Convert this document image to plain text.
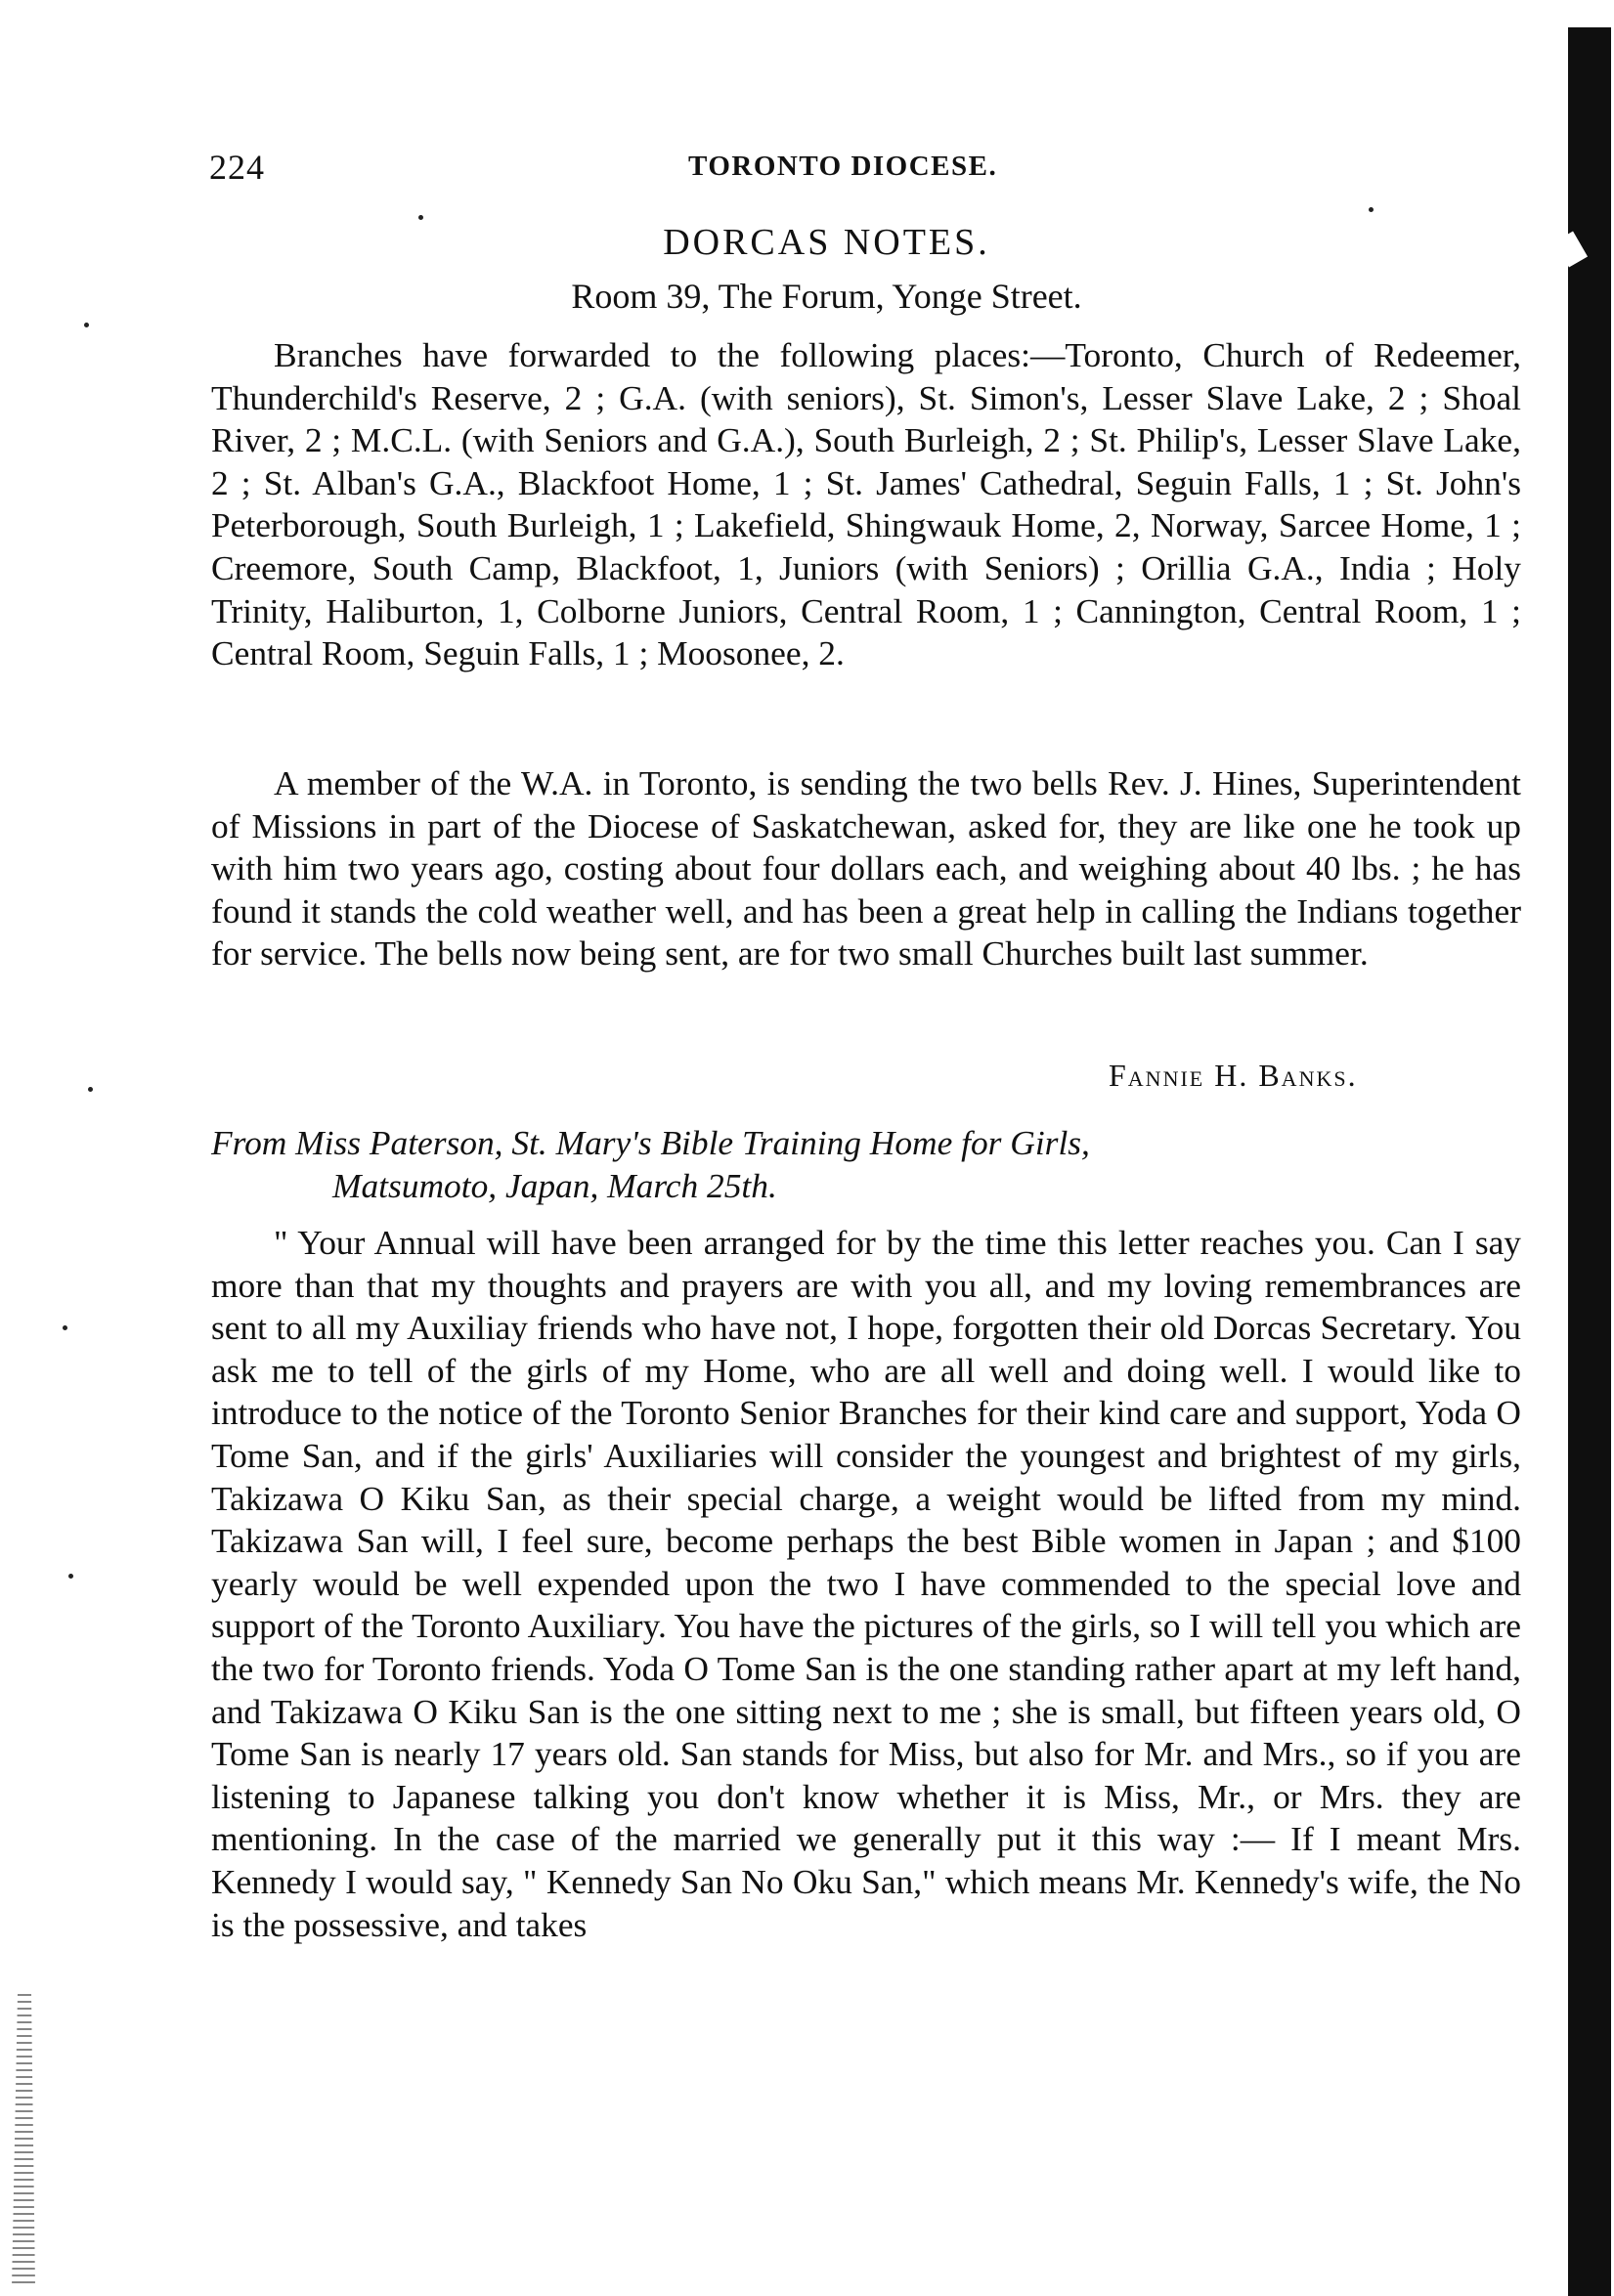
224	TORONTO DIOCESE.
DORCAS NOTES.
Room 39, The Forum, Yonge Street.

Branches have forwarded to the following places:—Toronto, Church of Redeemer, Thunderchild's Reserve, 2 ; G.A. (with seniors), St. Simon's, Lesser Slave Lake, 2 ; Shoal River, 2 ; M.C.L. (with Seniors and G.A.), South Burleigh, 2 ; St. Philip's, Lesser Slave Lake, 2 ; St. Alban's G.A., Blackfoot Home, 1 ; St. James' Cathedral, Seguin Falls, 1 ; St. John's Peterborough, South Burleigh, 1 ; Lakefield, Shingwauk Home, 2, Norway, Sarcee Home, 1 ; Creemore, South Camp, Blackfoot, 1, Juniors (with Seniors) ; Orillia G.A., India ; Holy Trinity, Haliburton, 1, Colborne Juniors, Central Room, 1 ; Cannington, Central Room, 1 ; Central Room, Seguin Falls, 1 ; Moosonee, 2.

A member of the W.A. in Toronto, is sending the two bells Rev. J. Hines, Superintendent of Missions in part of the Diocese of Saskatchewan, asked for, they are like one he took up with him two years ago, costing about four dollars each, and weighing about 40 lbs. ; he has found it stands the cold weather well, and has been a great help in calling the Indians together for service. The bells now being sent, are for two small Churches built last summer.

Fannie H. Banks.
From Miss Paterson, St. Mary's Bible Training Home for Girls,
Matsumoto, Japan, March 25th.

" Your Annual will have been arranged for by the time this letter reaches you. Can I say more than that my thoughts and prayers are with you all, and my loving remembrances are sent to all my Auxiliay friends who have not, I hope, forgotten their old Dorcas Secretary. You ask me to tell of the girls of my Home, who are all well and doing well. I would like to introduce to the notice of the Toronto Senior Branches for their kind care and support, Yoda O Tome San, and if the girls' Auxiliaries will consider the youngest and brightest of my girls, Takizawa O Kiku San, as their special charge, a weight would be lifted from my mind. Takizawa San will, I feel sure, become perhaps the best Bible women in Japan ; and $100 yearly would be well expended upon the two I have commended to the special love and support of the Toronto Auxiliary. You have the pictures of the girls, so I will tell you which are the two for Toronto friends. Yoda O Tome San is the one standing rather apart at my left hand, and Takizawa O Kiku San is the one sitting next to me ; she is small, but fifteen years old, O Tome San is nearly 17 years old. San stands for Miss, but also for Mr. and Mrs., so if you are listening to Japanese talking you don't know whether it is Miss, Mr., or Mrs. they are mentioning. In the case of the married we generally put it this way :— If I meant Mrs. Kennedy I would say, " Kennedy San No Oku San," which means Mr. Kennedy's wife, the No is the possessive, and takes
